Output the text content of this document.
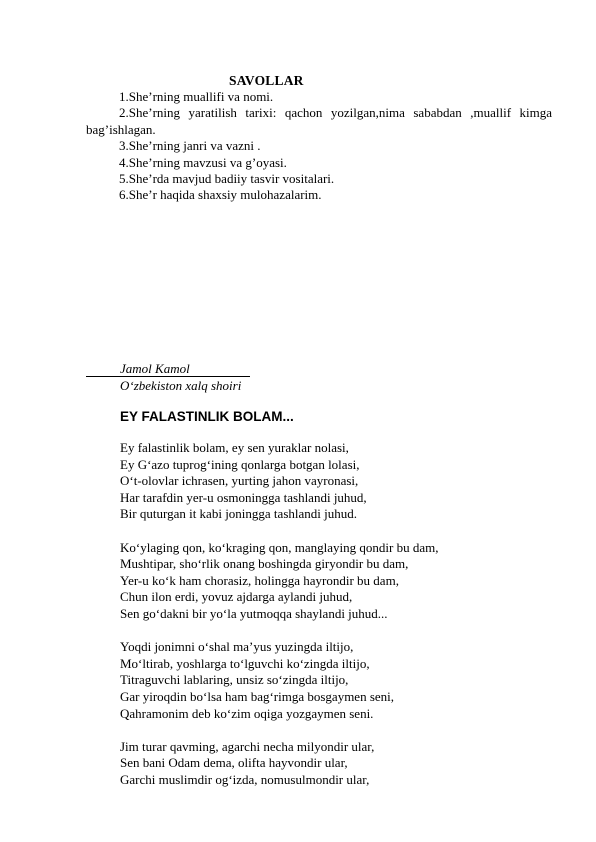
SAVOLLAR
1.She’rning muallifi va nomi.
2.She’rning yaratilish tarixi: qachon yozilgan,nima sababdan ,muallif kimga bag’ishlagan.
3.She’rning janri va vazni .
4.She’rning mavzusi va g’oyasi.
5.She’rda mavjud badiiy tasvir vositalari.
6.She’r haqida shaxsiy mulohazalarim.
Jamol Kamol
O‘zbekiston xalq shoiri
EY FALASTINLIK BOLAM...
Ey falastinlik bolam, ey sen yuraklar nolasi,
Ey G‘azo tuprog‘ining qonlarga botgan lolasi,
O‘t-olovlar ichrasen, yurting jahon vayronasi,
Har tarafdin yer-u osmoningga tashlandi juhud,
Bir quturgan it kabi joningga tashlandi juhud.
Ko‘ylaging qon, ko‘kraging qon, manglaying qondir bu dam,
Mushtipar, sho‘rlik onang boshingda giryondir bu dam,
Yer-u ko‘k ham chorasiz, holingga hayrondir bu dam,
Chun ilon erdi, yovuz ajdarga aylandi juhud,
Sen go‘dakni bir yo‘la yutmoqqa shaylandi juhud...
Yoqdi jonimni o‘shal ma’yus yuzingda iltijo,
Mo‘ltirab, yoshlarga to‘lguvchi ko‘zingda iltijo,
Titraguvchi lablaring, unsiz so‘zingda iltijo,
Gar yiroqdin bo‘lsa ham bag‘rimga bosgaymen seni,
Qahramonim deb ko‘zim oqiga yozgaymen seni.
Jim turar qavming, agarchi necha milyondir ular,
Sen bani Odam dema, olifta hayvondir ular,
Garchi muslimdir og‘izda, nomusulmondir ular,
